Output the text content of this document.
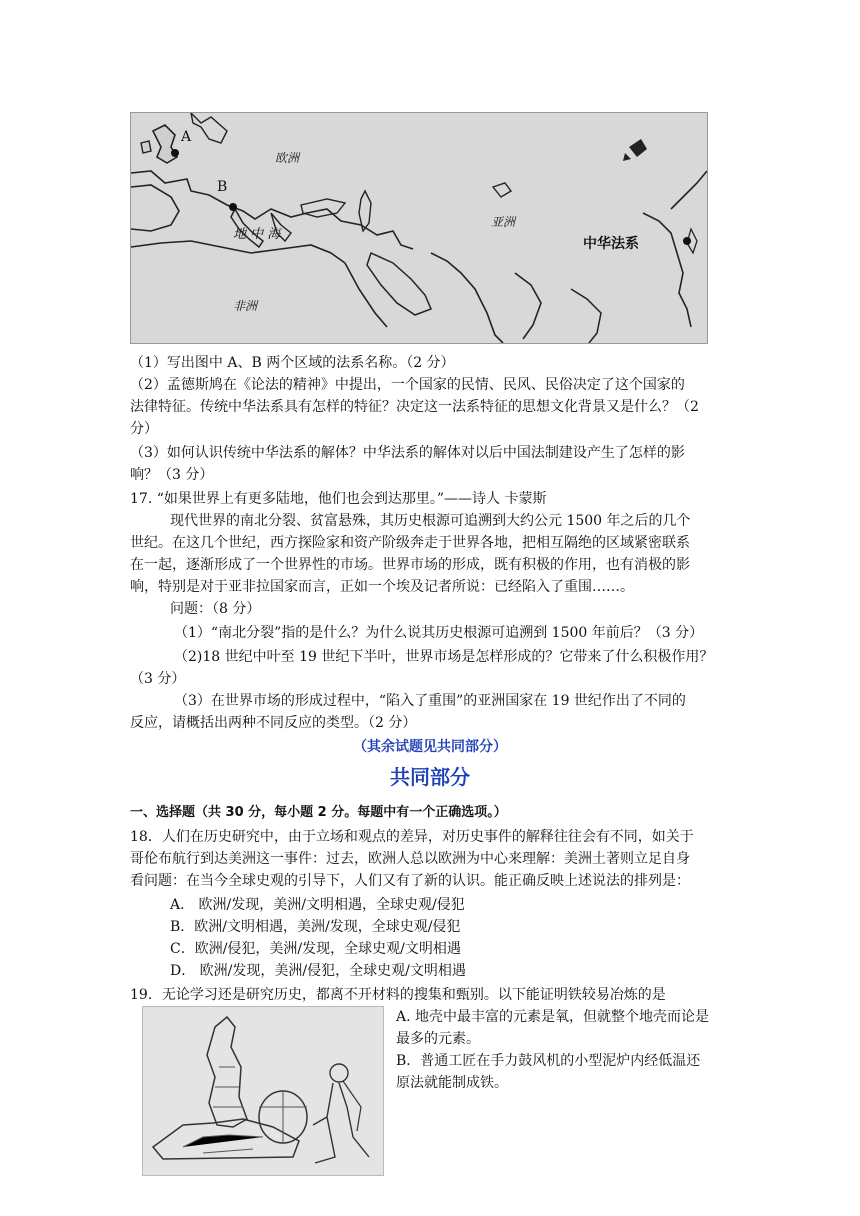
A
B
欧洲
亚洲
地 中 海
非洲
中华法系
（1）写出图中 A、B 两个区域的法系名称。（2 分）
（2）孟德斯鸠在《论法的精神》中提出，一个国家的民情、民风、民俗决定了这个国家的
法律特征。传统中华法系具有怎样的特征？决定这一法系特征的思想文化背景又是什么？（2
分）
（3）如何认识传统中华法系的解体？中华法系的解体对以后中国法制建设产生了怎样的影
响？（3 分）
17. “如果世界上有更多陆地，他们也会到达那里。”——诗人 卡蒙斯
现代世界的南北分裂、贫富悬殊，其历史根源可追溯到大约公元 1500 年之后的几个
世纪。在这几个世纪，西方探险家和资产阶级奔走于世界各地，把相互隔绝的区域紧密联系
在一起，逐渐形成了一个世界性的市场。世界市场的形成，既有积极的作用，也有消极的影
响，特别是对于亚非拉国家而言，正如一个埃及记者所说：已经陷入了重围……。
问题：（8 分）
（1）“南北分裂”指的是什么？为什么说其历史根源可追溯到 1500 年前后？（3 分）
（2)18 世纪中叶至 19 世纪下半叶，世界市场是怎样形成的？它带来了什么积极作用？
（3 分）
（3）在世界市场的形成过程中，“陷入了重围”的亚洲国家在 19 世纪作出了不同的
反应，请概括出两种不同反应的类型。（2 分）
（其余试题见共同部分）
共同部分
一、选择题（共 30 分，每小题 2 分。每题中有一个正确选项。）
18．人们在历史研究中，由于立场和观点的差异，对历史事件的解释往往会有不同，如关于
哥伦布航行到达美洲这一事件：过去，欧洲人总以欧洲为中心来理解：美洲土著则立足自身
看问题：在当今全球史观的引导下，人们又有了新的认识。能正确反映上述说法的排列是：
A． 欧洲/发现，美洲/文明相遇，全球史观/侵犯
B．欧洲/文明相遇，美洲/发现，全球史观/侵犯
C．欧洲/侵犯，美洲/发现，全球史观/文明相遇
D． 欧洲/发现，美洲/侵犯，全球史观/文明相遇
19．无论学习还是研究历史，都离不开材料的搜集和甄别。以下能证明铁较易冶炼的是
A. 地壳中最丰富的元素是氧，但就整个地壳而论是
最多的元素。
B．普通工匠在手力鼓风机的小型泥炉内经低温还
原法就能制成铁。
